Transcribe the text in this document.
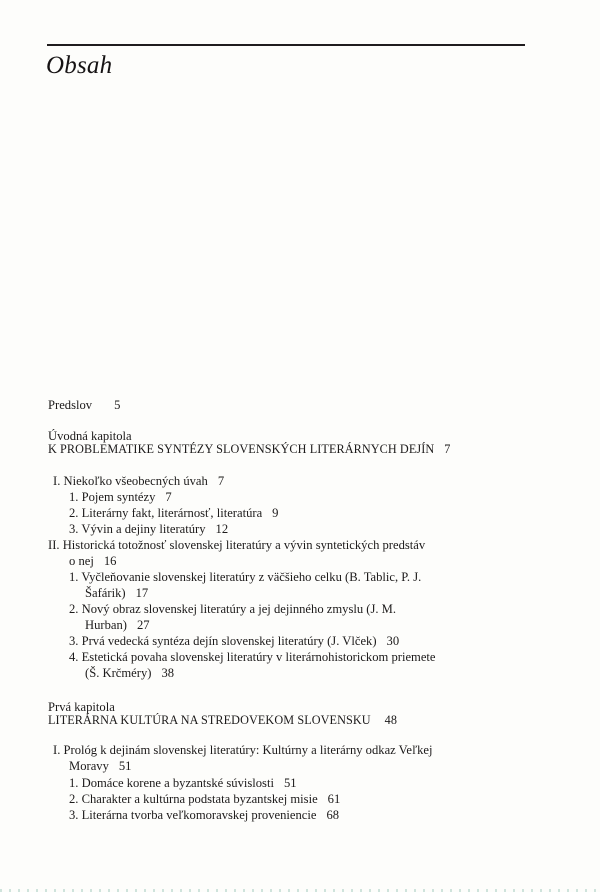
Obsah
Predslov 5
Úvodná kapitola
K PROBLEMATIKE SYNTÉZY SLOVENSKÝCH LITERÁRNYCH DEJÍN 7
I. Niekoľko všeobecných úvah 7
1. Pojem syntézy 7
2. Literárny fakt, literárnosť, literatúra 9
3. Vývin a dejiny literatúry 12
II. Historická totožnosť slovenskej literatúry a vývin syntetických predstáv
o nej 16
1. Vyčleňovanie slovenskej literatúry z väčšieho celku (B. Tablic, P. J.
Šafárik) 17
2. Nový obraz slovenskej literatúry a jej dejinného zmyslu (J. M.
Hurban) 27
3. Prvá vedecká syntéza dejín slovenskej literatúry (J. Vlček) 30
4. Estetická povaha slovenskej literatúry v literárnohistorickom priemete
(Š. Krčméry) 38
Prvá kapitola
LITERÁRNA KULTÚRA NA STREDOVEKOM SLOVENSKU 48
I. Prológ k dejinám slovenskej literatúry: Kultúrny a literárny odkaz Veľkej
Moravy 51
1. Domáce korene a byzantské súvislosti 51
2. Charakter a kultúrna podstata byzantskej misie 61
3. Literárna tvorba veľkomoravskej proveniencie 68
